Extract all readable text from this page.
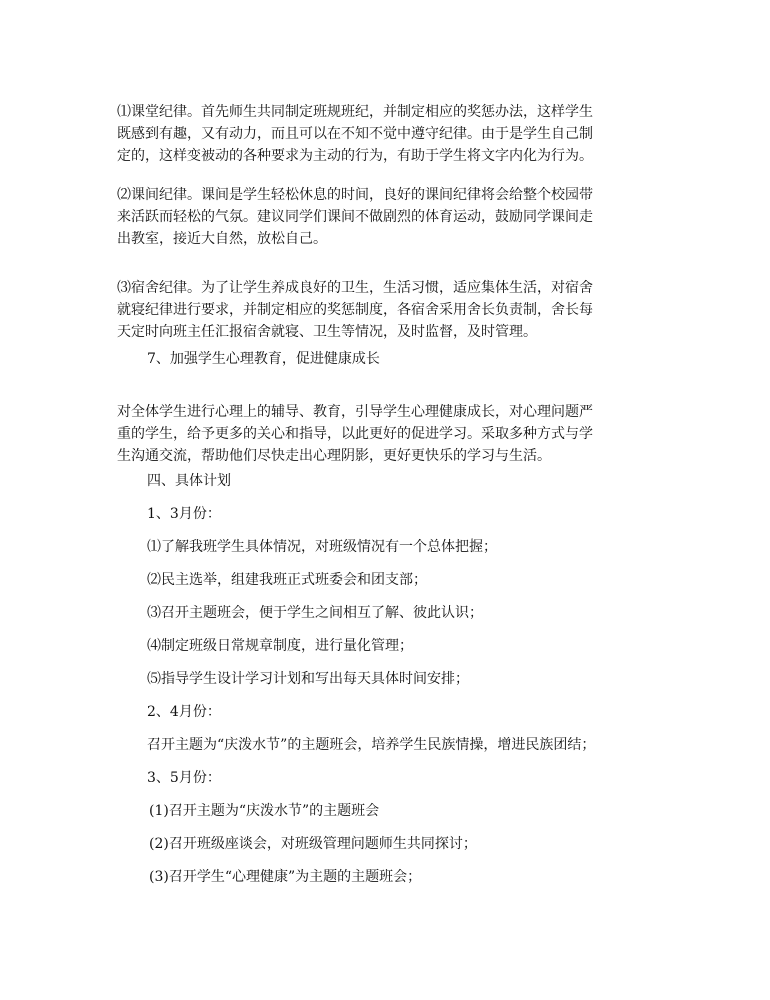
⑴课堂纪律。首先师生共同制定班规班纪，并制定相应的奖惩办法，这样学生
既感到有趣，又有动力，而且可以在不知不觉中遵守纪律。由于是学生自己制
定的，这样变被动的各种要求为主动的行为，有助于学生将文字内化为行为。
⑵课间纪律。课间是学生轻松休息的时间，良好的课间纪律将会给整个校园带
来活跃而轻松的气氛。建议同学们课间不做剧烈的体育运动，鼓励同学课间走
出教室，接近大自然，放松自己。
⑶宿舍纪律。为了让学生养成良好的卫生，生活习惯，适应集体生活，对宿舍
就寝纪律进行要求，并制定相应的奖惩制度，各宿舍采用舍长负责制，舍长每
天定时向班主任汇报宿舍就寝、卫生等情况，及时监督，及时管理。
7、加强学生心理教育，促进健康成长
对全体学生进行心理上的辅导、教育，引导学生心理健康成长，对心理问题严
重的学生，给予更多的关心和指导，以此更好的促进学习。采取多种方式与学
生沟通交流，帮助他们尽快走出心理阴影，更好更快乐的学习与生活。
四、具体计划
1、3月份：
⑴了解我班学生具体情况，对班级情况有一个总体把握；
⑵民主选举，组建我班正式班委会和团支部；
⑶召开主题班会，便于学生之间相互了解、彼此认识；
⑷制定班级日常规章制度，进行量化管理；
⑸指导学生设计学习计划和写出每天具体时间安排；
2、4月份：
召开主题为“庆泼水节”的主题班会，培养学生民族情操，增进民族团结；
3、5月份：
(1)召开主题为“庆泼水节”的主题班会
(2)召开班级座谈会，对班级管理问题师生共同探讨；
(3)召开学生“心理健康”为主题的主题班会；
